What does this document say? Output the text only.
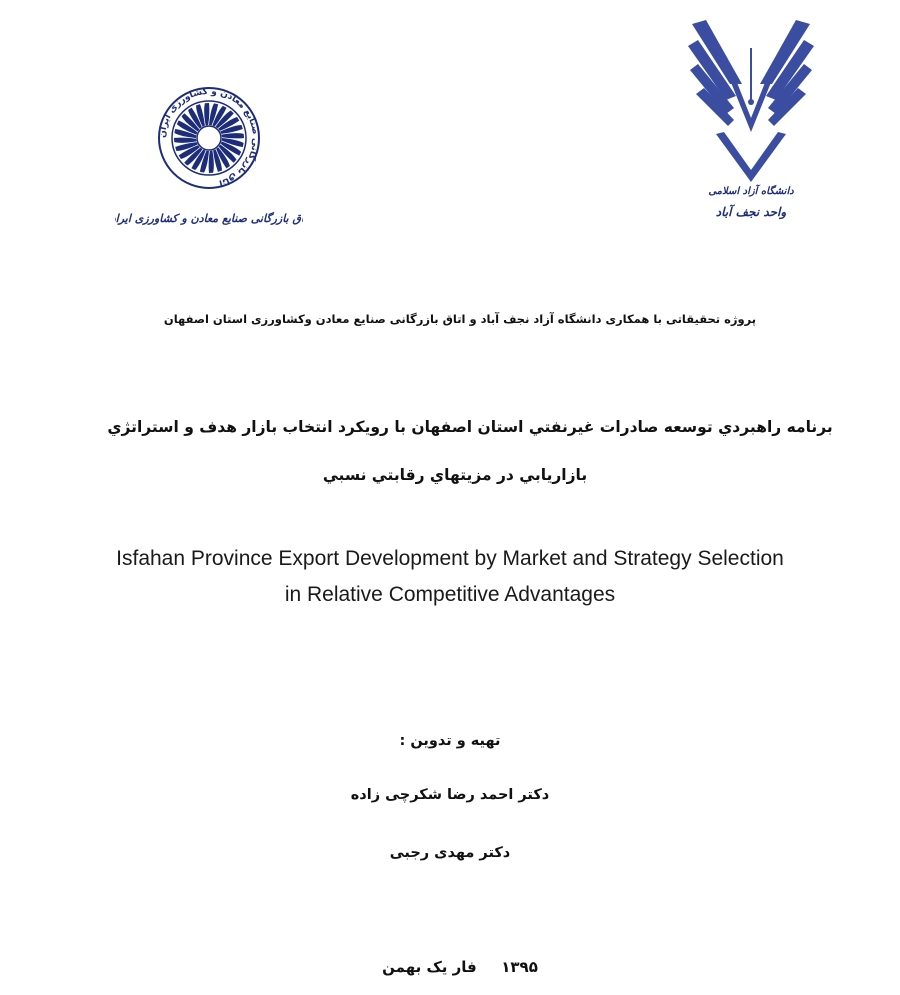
اتاق بازرگانی صنایع معادن و کشاورزی ایران
اتاق بازرگانی صنایع معادن و کشاورزی ایران
دانشگاه آزاد اسلامی
واحد نجف آباد
پروژه تحقیقاتی با همکاری دانشگاه آزاد نجف آباد و اتاق بازرگانی صنایع معادن وکشاورزی استان اصفهان
برنامه راهبردي توسعه صادرات غيرنفتي استان اصفهان با رويكرد انتخاب بازار هدف و استراتژي
بازاريابي در مزيتهاي رقابتي نسبي
Isfahan Province Export Development by Market and Strategy Selection
in Relative Competitive Advantages
تهیه و تدوین :
دکتر احمد رضا شکرچی زاده
دکتر مهدی رجبی
فار یک بهمن ۱۳۹۵
